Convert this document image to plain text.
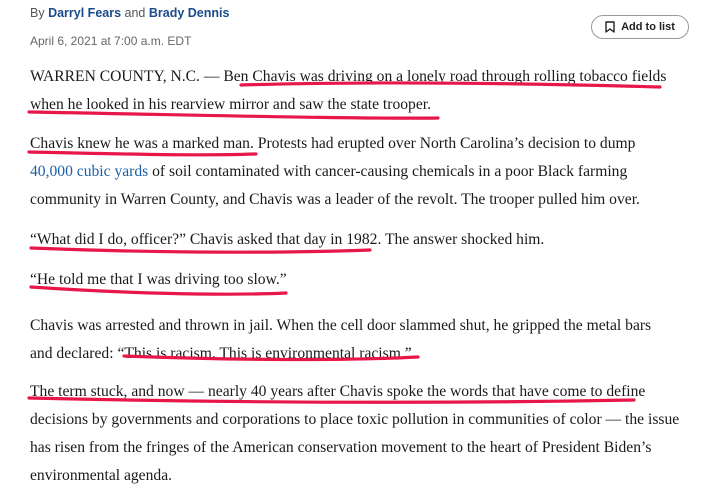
By Darryl Fears and Brady Dennis
April 6, 2021 at 7:00 a.m. EDT
Add to list
WARREN COUNTY, N.C. — Ben Chavis was driving on a lonely road through rolling tobacco fields
when he looked in his rearview mirror and saw the state trooper.
Chavis knew he was a marked man. Protests had erupted over North Carolina’s decision to dump
40,000 cubic yards of soil contaminated with cancer-causing chemicals in a poor Black farming
community in Warren County, and Chavis was a leader of the revolt. The trooper pulled him over.
“What did I do, officer?” Chavis asked that day in 1982. The answer shocked him.
“He told me that I was driving too slow.”
Chavis was arrested and thrown in jail. When the cell door slammed shut, he gripped the metal bars
and declared: “This is racism. This is environmental racism.”
The term stuck, and now — nearly 40 years after Chavis spoke the words that have come to define
decisions by governments and corporations to place toxic pollution in communities of color — the issue
has risen from the fringes of the American conservation movement to the heart of President Biden’s
environmental agenda.
